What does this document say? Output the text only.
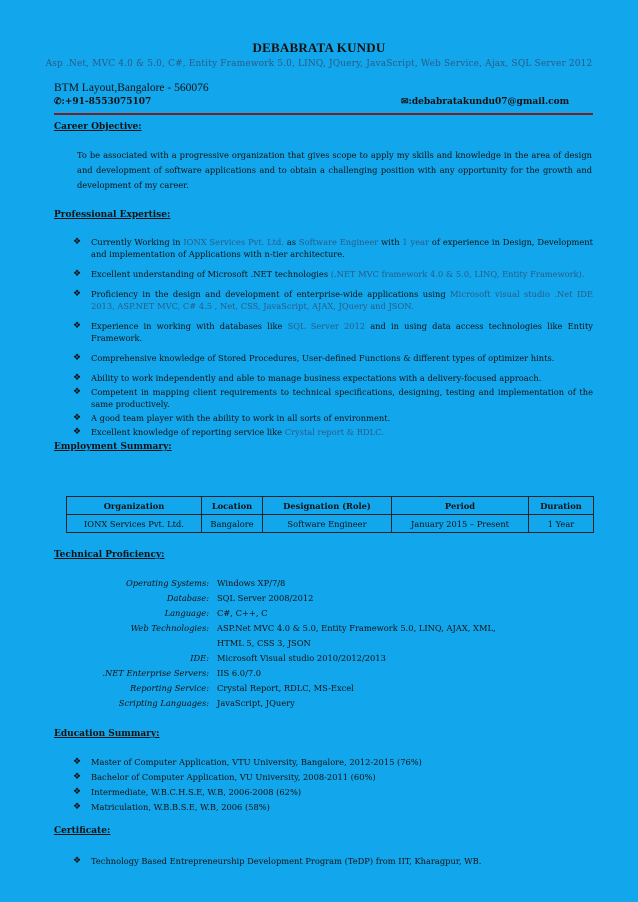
DEBABRATA KUNDU
Asp .Net, MVC 4.0 & 5.0, C#, Entity Framework 5.0, LINQ, JQuery, JavaScript, Web Service, Ajax, SQL Server 2012
BTM Layout,Bangalore - 560076
✆:+91-8553075107	✉:debabratakundu07@gmail.com
Career Objective:

To be associated with a progressive organization that gives scope to apply my skills and knowledge in the area of design and development of software applications and to obtain a challenging position with any opportunity for the growth and development of my career.

Professional Expertise:
❖ Currently Working in IONX Services Pvt. Ltd. as Software Engineer with 1 year of experience in Design, Development and implementation of Applications with n-tier architecture.
❖ Excellent understanding of Microsoft .NET technologies (.NET MVC framework 4.0 & 5.0, LINQ, Entity Framework).
❖ Proficiency in the design and development of enterprise-wide applications using Microsoft visual studio .Net IDE 2013, ASP.NET MVC, C# 4.5 , Net, CSS, JavaScript, AJAX, JQuery and JSON.
❖ Experience in working with databases like SQL Server 2012 and in using data access technologies like Entity Framework.
❖ Comprehensive knowledge of Stored Procedures, User-defined Functions & different types of optimizer hints.
❖ Ability to work independently and able to manage business expectations with a delivery-focused approach.
❖ Competent in mapping client requirements to technical specifications, designing, testing and implementation of the same productively.
❖ A good team player with the ability to work in all sorts of environment.
❖ Excellent knowledge of reporting service like Crystal report & RDLC.
Employment Summary:
Organization	Location	Designation (Role)	Period	Duration
IONX Services Pvt. Ltd.	Bangalore	Software Engineer	January 2015 – Present	1 Year
Technical Proficiency:
Operating Systems: Windows XP/7/8
Database: SQL Server 2008/2012
Language: C#, C++, C
Web Technologies: ASP.Net MVC 4.0 & 5.0, Entity Framework 5.0, LINQ, AJAX, XML,
HTML 5, CSS 3, JSON
IDE: Microsoft Visual studio 2010/2012/2013
.NET Enterprise Servers: IIS 6.0/7.0
Reporting Service: Crystal Report, RDLC, MS-Excel
Scripting Languages: JavaScript, JQuery
Education Summary:
❖ Master of Computer Application, VTU University, Bangalore, 2012-2015 (76%)
❖ Bachelor of Computer Application, VU University, 2008-2011 (60%)
❖ Intermediate, W.B.C.H.S.E, W.B, 2006-2008 (62%)
❖ Matriculation, W.B.B.S.E, W.B, 2006 (58%)
Certificate:
❖ Technology Based Entrepreneurship Development Program (TeDP) from IIT, Kharagpur, WB.
